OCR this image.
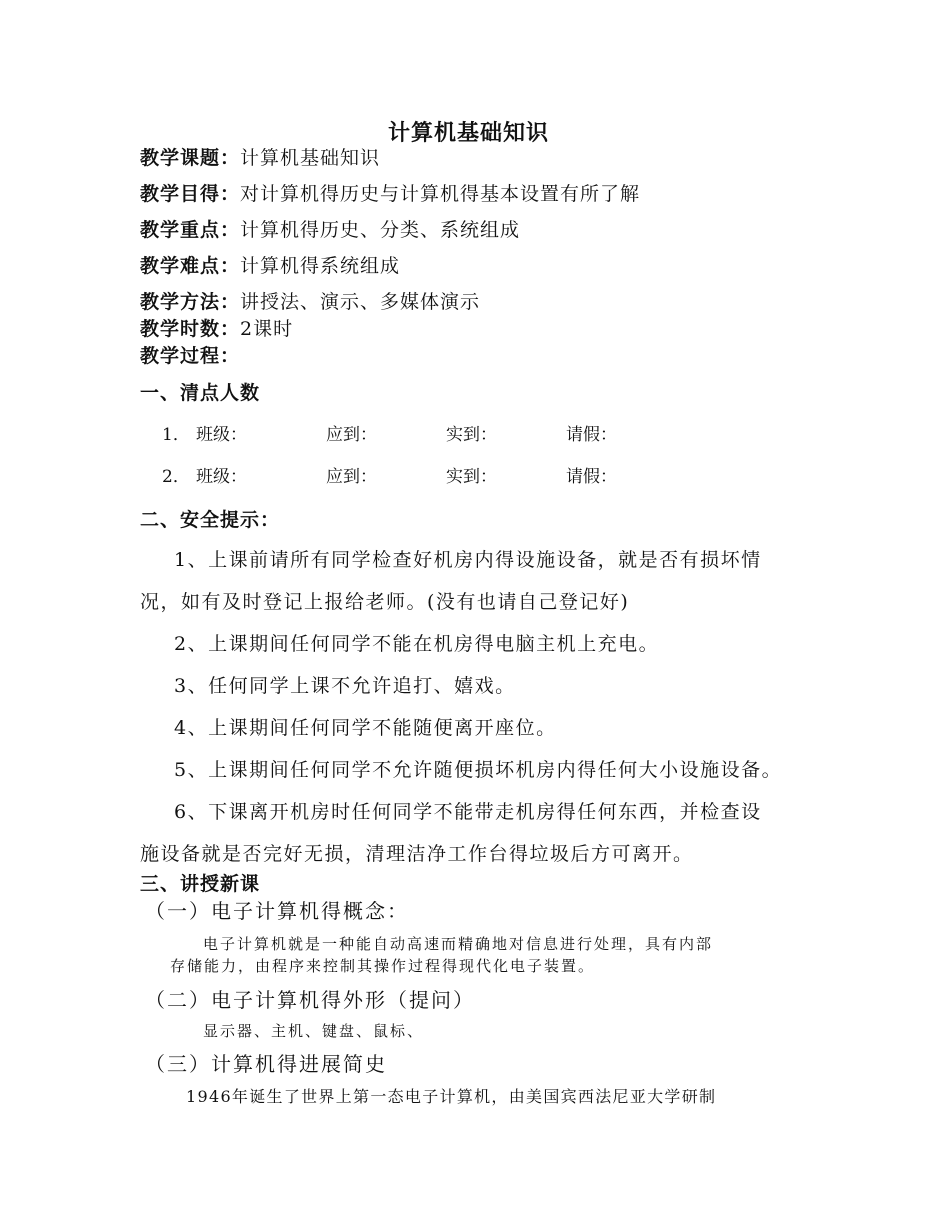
计算机基础知识
教学课题：计算机基础知识
教学目得：对计算机得历史与计算机得基本设置有所了解
教学重点：计算机得历史、分类、系统组成
教学难点：计算机得系统组成
教学方法：讲授法、演示、多媒体演示
教学时数：2课时
教学过程：
一、清点人数
1． 班级：	应到：	实到：	请假：
2． 班级：	应到：	实到：	请假：
二、安全提示：
1、上课前请所有同学检查好机房内得设施设备，就是否有损坏情
况，如有及时登记上报给老师。(没有也请自己登记好)
2、上课期间任何同学不能在机房得电脑主机上充电。
3、任何同学上课不允许追打、嬉戏。
4、上课期间任何同学不能随便离开座位。
5、上课期间任何同学不允许随便损坏机房内得任何大小设施设备。
6、下课离开机房时任何同学不能带走机房得任何东西，并检查设
施设备就是否完好无损，清理洁净工作台得垃圾后方可离开。
三、讲授新课
（一）电子计算机得概念：
电子计算机就是一种能自动高速而精确地对信息进行处理，具有内部
存储能力，由程序来控制其操作过程得现代化电子装置。
（二）电子计算机得外形（提问）
显示器、主机、键盘、鼠标、
（三）计算机得进展简史
1946年诞生了世界上第一态电子计算机，由美国宾西法尼亚大学研制
